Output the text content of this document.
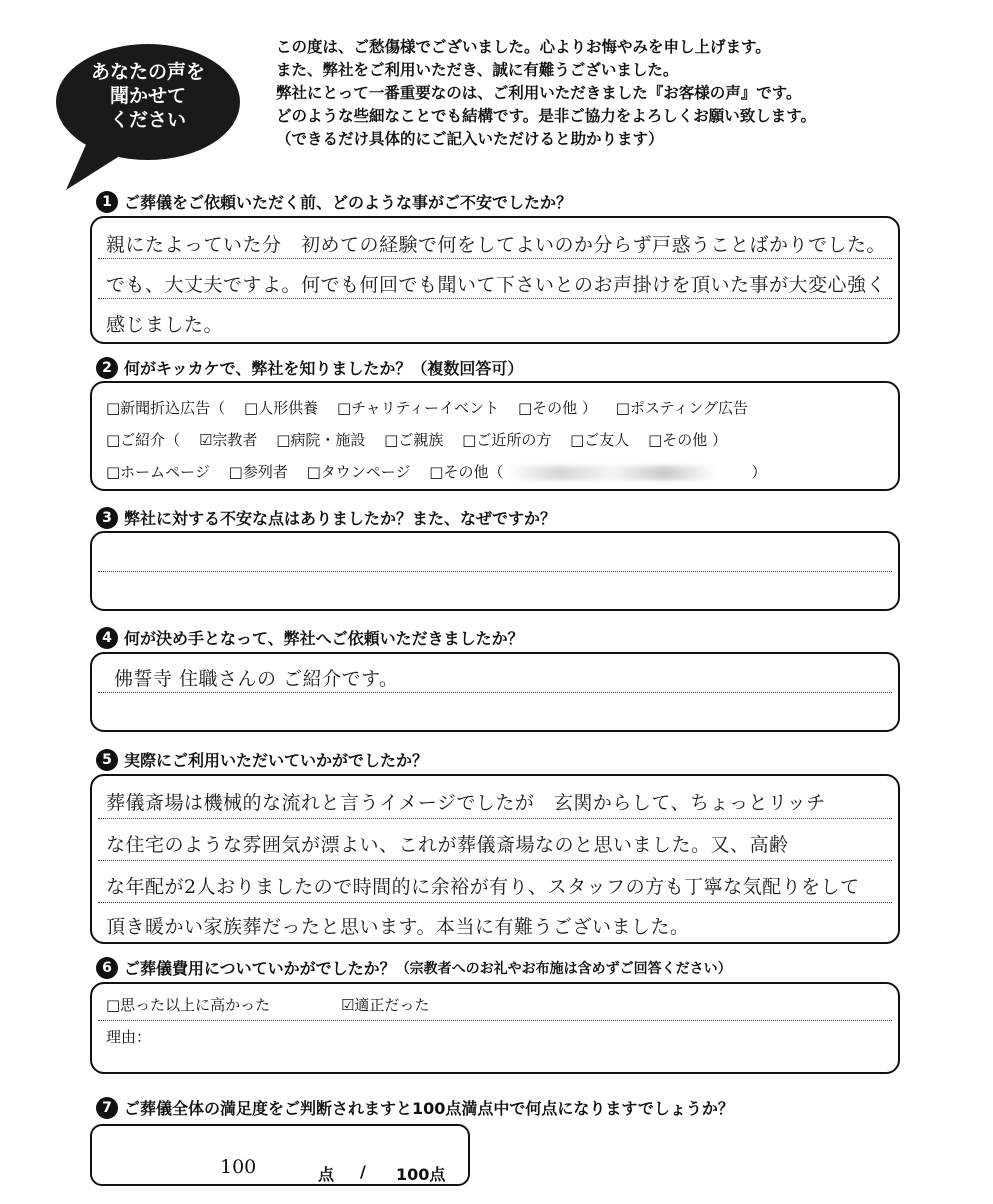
あなたの声を
聞かせて
ください
この度は、ご愁傷様でございました。心よりお悔やみを申し上げます。
また、弊社をご利用いただき、誠に有難うございました。
弊社にとって一番重要なのは、ご利用いただきました『お客様の声』です。
どのような些細なことでも結構です。是非ご協力をよろしくお願い致します。
（できるだけ具体的にご記入いただけると助かります）
1 ご葬儀をご依頼いただく前、どのような事がご不安でしたか？
親にたよっていた分　初めての経験で何をしてよいのか分らず戸惑うことばかりでした。
でも、大丈夫ですよ。何でも何回でも聞いて下さいとのお声掛けを頂いた事が大変心強く
感じました。
2 何がキッカケで、弊社を知りましたか？（複数回答可）
□新聞折込広告（ □人形供養 □チャリティーイベント □その他 ） □ポスティング広告
□ご紹介（ ☑宗教者 □病院・施設 □ご親族 □ご近所の方 □ご友人 □その他 ）
□ホームページ □参列者 □タウンページ □その他（	）
3 弊社に対する不安な点はありましたか？また、なぜですか？
4 何が決め手となって、弊社へご依頼いただきましたか？
佛誓寺 住職さんの ご紹介です。
5 実際にご利用いただいていかがでしたか？
葬儀斎場は機械的な流れと言うイメージでしたが　玄関からして、ちょっとリッチ
な住宅のような雰囲気が漂よい、これが葬儀斎場なのと思いました。又、高齢
な年配が2人おりましたので時間的に余裕が有り、スタッフの方も丁寧な気配りをして
頂き暖かい家族葬だったと思います。本当に有難うございました。
6 ご葬儀費用についていかがでしたか？ （宗教者へのお礼やお布施は含めずご回答ください）
□思った以上に高かった	☑適正だった
理由：
7 ご葬儀全体の満足度をご判断されますと100点満点中で何点になりますでしょうか？
100	点 / 100点
